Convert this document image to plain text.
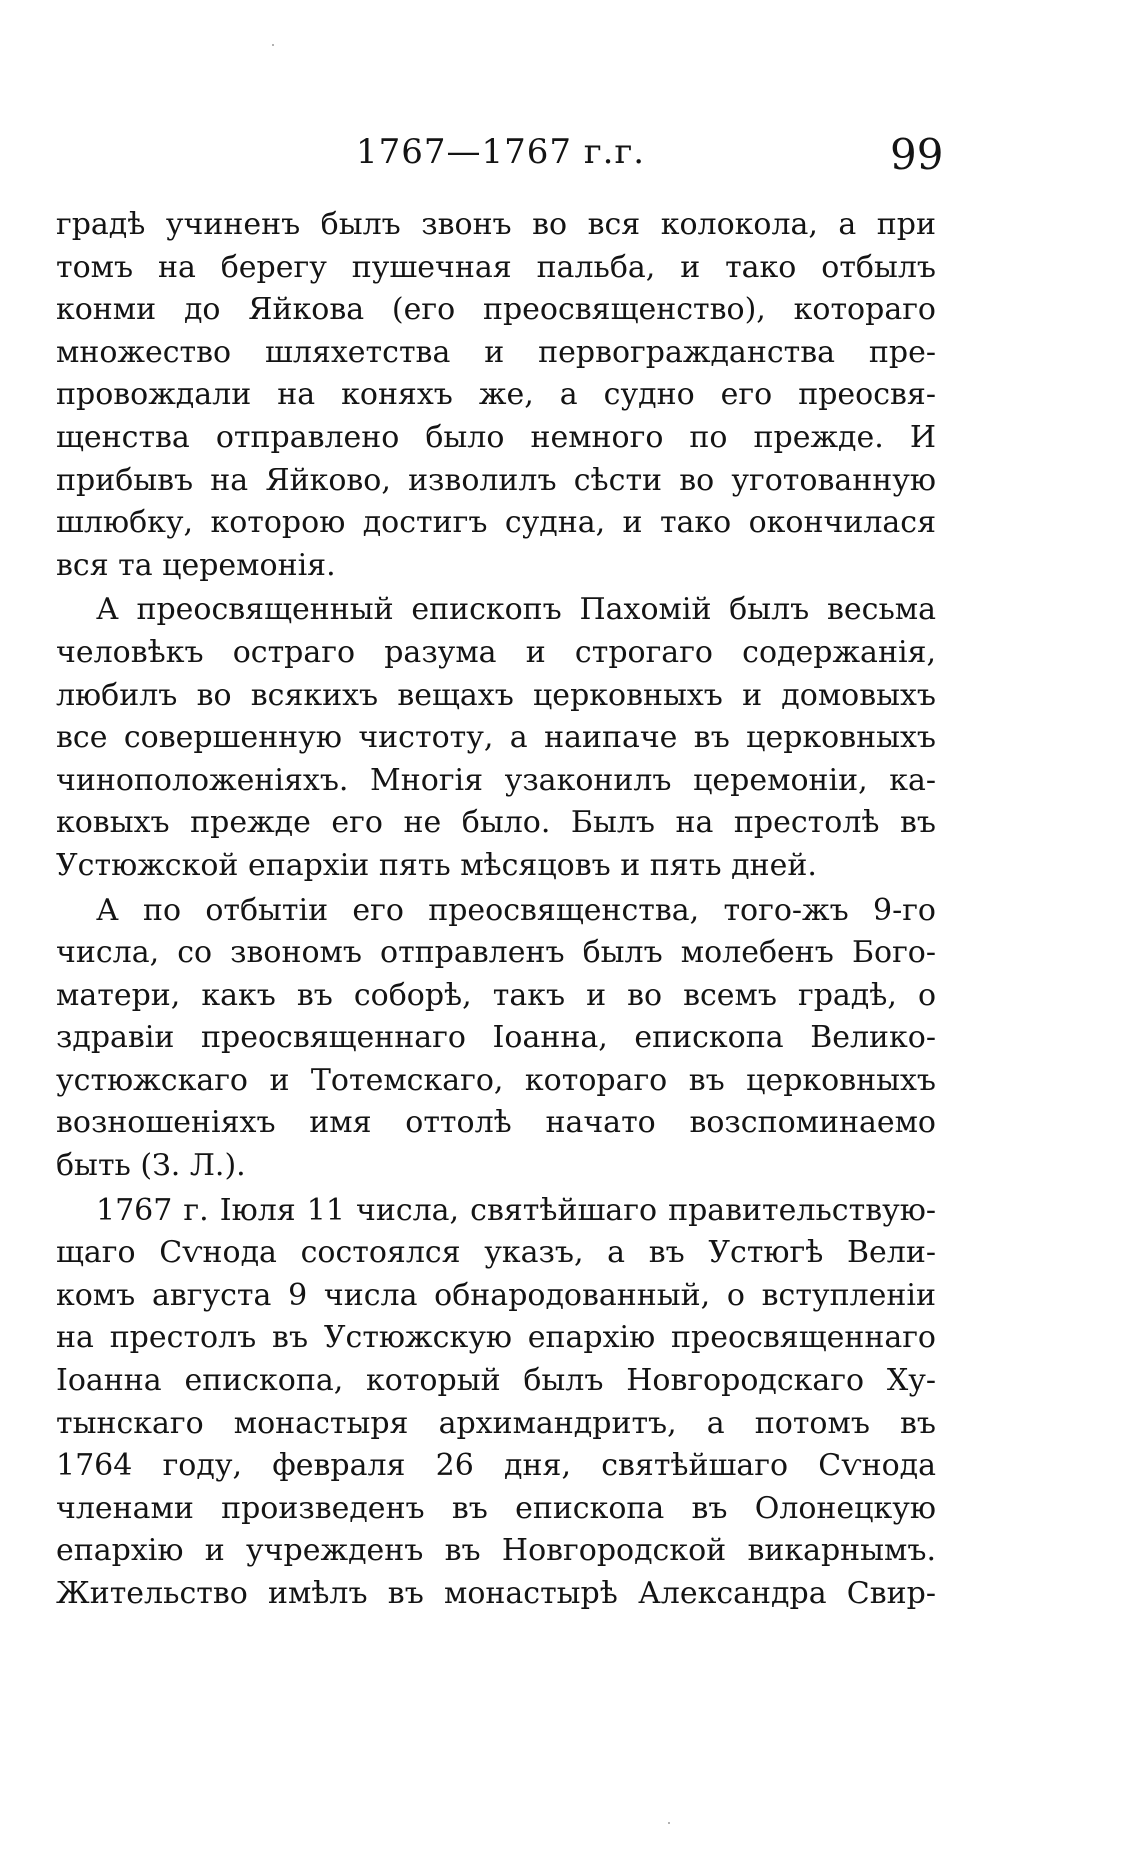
1767—1767 г.г.	99
градѣ учиненъ былъ звонъ во вся колокола, а при
томъ на берегу пушечная пальба, и тако отбылъ
конми до Яйкова (его преосвященство), котораго
множество шляхетства и первогражданства пре-
провождали на коняхъ же, а судно его преосвя-
щенства отправлено было немного по прежде. И
прибывъ на Яйково, изволилъ сѣсти во уготованную
шлюбку, которою достигъ судна, и тако окончилася
вся та церемонія.
А преосвященный епископъ Пахомій былъ весьма
человѣкъ остраго разума и строгаго содержанія,
любилъ во всякихъ вещахъ церковныхъ и домовыхъ
все совершенную чистоту, а наипаче въ церковныхъ
чиноположеніяхъ. Многія узаконилъ церемоніи, ка-
ковыхъ прежде его не было. Былъ на престолѣ въ
Устюжской епархіи пять мѣсяцовъ и пять дней.
А по отбытіи его преосвященства, того-жъ 9-го
числа, со звономъ отправленъ былъ молебенъ Бого-
матери, какъ въ соборѣ, такъ и во всемъ градѣ, о
здравіи преосвященнаго Іоанна, епископа Велико-
устюжскаго и Тотемскаго, котораго въ церковныхъ
возношеніяхъ имя оттолѣ начато возспоминаемо
быть (З. Л.).
1767 г. Іюля 11 числа, святѣйшаго правительствую-
щаго Сѵнода состоялся указъ, а въ Устюгѣ Вели-
комъ августа 9 числа обнародованный, о вступленіи
на престолъ въ Устюжскую епархію преосвященнаго
Іоанна епископа, который былъ Новгородскаго Ху-
тынскаго монастыря архимандритъ, а потомъ въ
1764 году, февраля 26 дня, святѣйшаго Сѵнода
членами произведенъ въ епископа въ Олонецкую
епархію и учрежденъ въ Новгородской викарнымъ.
Жительство имѣлъ въ монастырѣ Александра Свир-
